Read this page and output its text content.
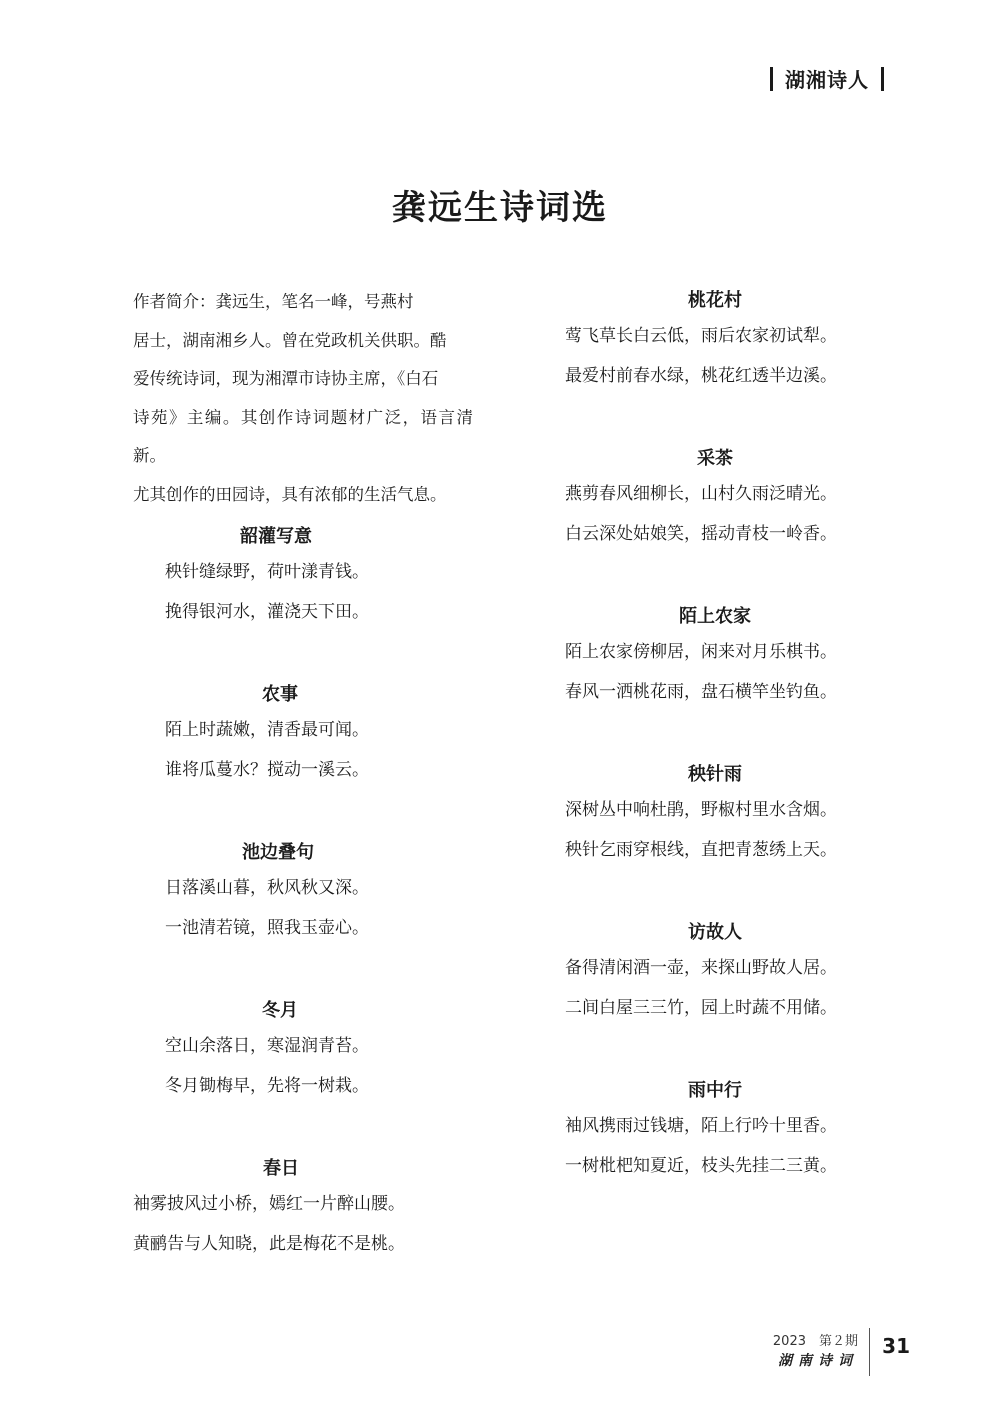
湖湘诗人
龚远生诗词选

作者简介：龚远生，笔名一峰，号燕村

居士，湖南湘乡人。曾在党政机关供职。酷

爱传统诗词，现为湘潭市诗协主席，《白石

诗苑》主编。其创作诗词题材广泛，语言清新。

尤其创作的田园诗，具有浓郁的生活气息。

韶灌写意

秧针缝绿野，荷叶漾青钱。

挽得银河水，灌浇天下田。

农事

陌上时蔬嫩，清香最可闻。

谁将瓜蔓水？搅动一溪云。

池边叠句

日落溪山暮，秋风秋又深。

一池清若镜，照我玉壶心。

冬月

空山余落日，寒湿润青苔。

冬月锄梅早，先将一树栽。

春日

袖雾披风过小桥，嫣红一片醉山腰。

黄鹂告与人知晓，此是梅花不是桃。

桃花村

莺飞草长白云低，雨后农家初试犁。

最爱村前春水绿，桃花红透半边溪。

采茶

燕剪春风细柳长，山村久雨泛晴光。

白云深处姑娘笑，摇动青枝一岭香。

陌上农家

陌上农家傍柳居，闲来对月乐棋书。

春风一洒桃花雨，盘石横竿坐钓鱼。

秧针雨

深树丛中响杜鹃，野椒村里水含烟。

秧针乞雨穿根线，直把青葱绣上天。

访故人

备得清闲酒一壶，来探山野故人居。

二间白屋三三竹，园上时蔬不用储。

雨中行

袖风携雨过钱塘，陌上行吟十里香。

一树枇杷知夏近，枝头先挂二三黄。

2023　第２期
湖南诗词
31
